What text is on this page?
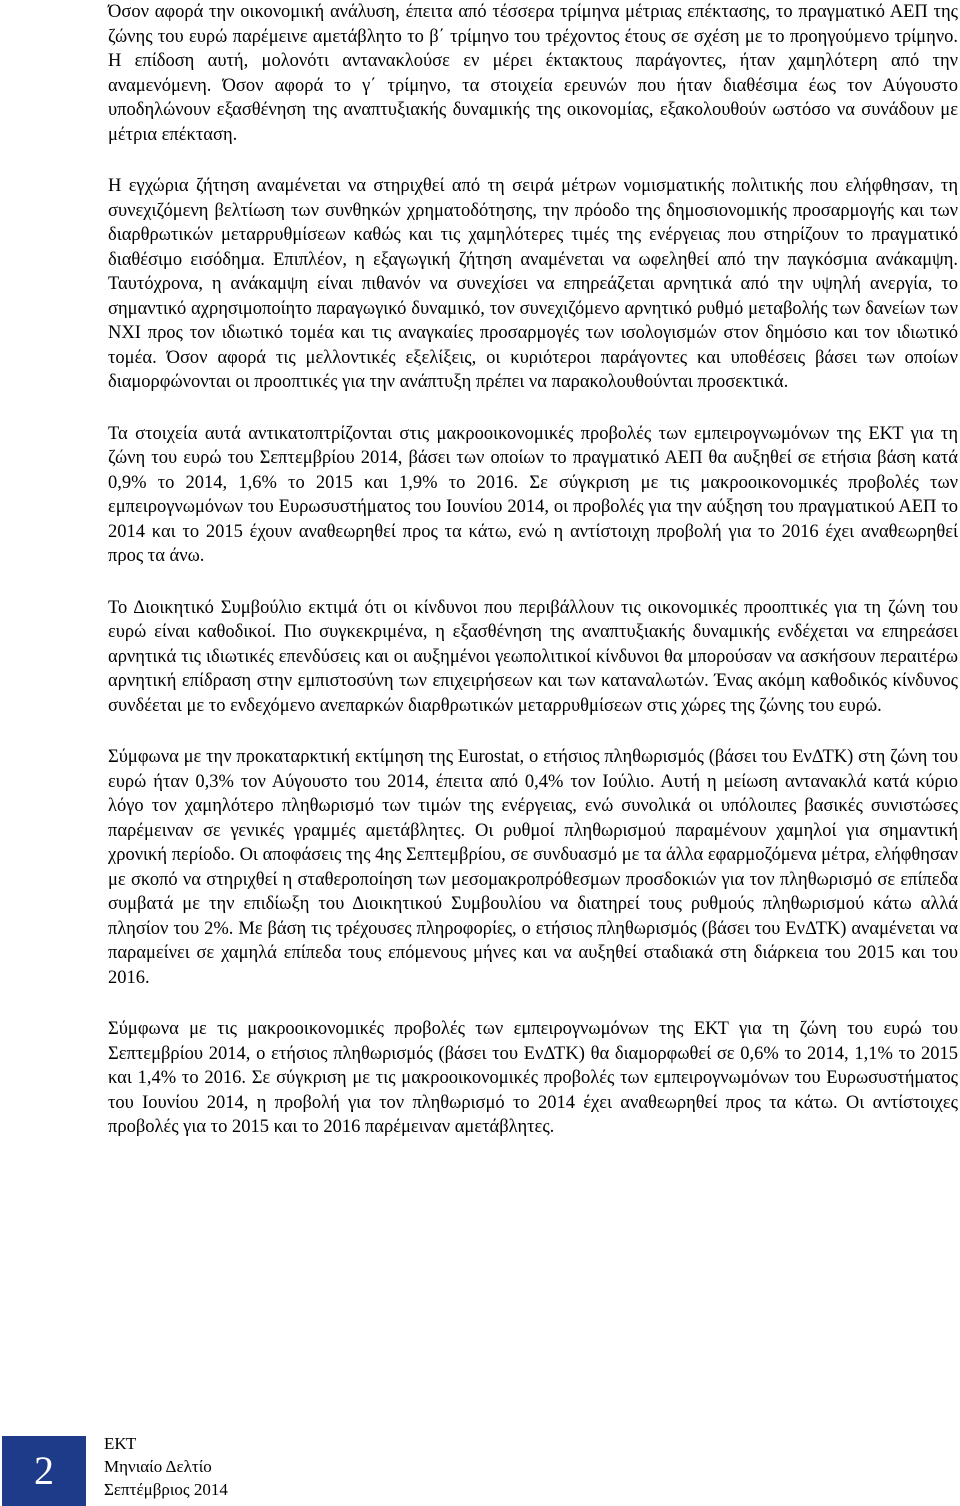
Όσον αφορά την οικονομική ανάλυση, έπειτα από τέσσερα τρίμηνα μέτριας επέκτασης, το πραγματικό ΑΕΠ της ζώνης του ευρώ παρέμεινε αμετάβλητο το β΄ τρίμηνο του τρέχοντος έτους σε σχέση με το προηγούμενο τρίμηνο. Η επίδοση αυτή, μολονότι αντανακλούσε εν μέρει έκτακτους παράγοντες, ήταν χαμηλότερη από την αναμενόμενη. Όσον αφορά το γ΄ τρίμηνο, τα στοιχεία ερευνών που ήταν διαθέσιμα έως τον Αύγουστο υποδηλώνουν εξασθένηση της αναπτυξιακής δυναμικής της οικονομίας, εξακολουθούν ωστόσο να συνάδουν με μέτρια επέκταση.

Η εγχώρια ζήτηση αναμένεται να στηριχθεί από τη σειρά μέτρων νομισματικής πολιτικής που ελήφθησαν, τη συνεχιζόμενη βελτίωση των συνθηκών χρηματοδότησης, την πρόοδο της δημοσιονομικής προσαρμογής και των διαρθρωτικών μεταρρυθμίσεων καθώς και τις χαμηλότερες τιμές της ενέργειας που στηρίζουν το πραγματικό διαθέσιμο εισόδημα. Επιπλέον, η εξαγωγική ζήτηση αναμένεται να ωφεληθεί από την παγκόσμια ανάκαμψη. Ταυτόχρονα, η ανάκαμψη είναι πιθανόν να συνεχίσει να επηρεάζεται αρνητικά από την υψηλή ανεργία, το σημαντικό αχρησιμοποίητο παραγωγικό δυναμικό, τον συνεχιζόμενο αρνητικό ρυθμό μεταβολής των δανείων των ΝΧΙ προς τον ιδιωτικό τομέα και τις αναγκαίες προσαρμογές των ισολογισμών στον δημόσιο και τον ιδιωτικό τομέα. Όσον αφορά τις μελλοντικές εξελίξεις, οι κυριότεροι παράγοντες και υποθέσεις βάσει των οποίων διαμορφώνονται οι προοπτικές για την ανάπτυξη πρέπει να παρακολουθούνται προσεκτικά.

Τα στοιχεία αυτά αντικατοπτρίζονται στις μακροοικονομικές προβολές των εμπειρογνωμόνων της ΕΚΤ για τη ζώνη του ευρώ του Σεπτεμβρίου 2014, βάσει των οποίων το πραγματικό ΑΕΠ θα αυξηθεί σε ετήσια βάση κατά 0,9% το 2014, 1,6% το 2015 και 1,9% το 2016. Σε σύγκριση με τις μακροοικονομικές προβολές των εμπειρογνωμόνων του Ευρωσυστήματος του Ιουνίου 2014, οι προβολές για την αύξηση του πραγματικού ΑΕΠ το 2014 και το 2015 έχουν αναθεωρηθεί προς τα κάτω, ενώ η αντίστοιχη προβολή για το 2016 έχει αναθεωρηθεί προς τα άνω.

Το Διοικητικό Συμβούλιο εκτιμά ότι οι κίνδυνοι που περιβάλλουν τις οικονομικές προοπτικές για τη ζώνη του ευρώ είναι καθοδικοί. Πιο συγκεκριμένα, η εξασθένηση της αναπτυξιακής δυναμικής ενδέχεται να επηρεάσει αρνητικά τις ιδιωτικές επενδύσεις και οι αυξημένοι γεωπολιτικοί κίνδυνοι θα μπορούσαν να ασκήσουν περαιτέρω αρνητική επίδραση στην εμπιστοσύνη των επιχειρήσεων και των καταναλωτών. Ένας ακόμη καθοδικός κίνδυνος συνδέεται με το ενδεχόμενο ανεπαρκών διαρθρωτικών μεταρρυθμίσεων στις χώρες της ζώνης του ευρώ.

Σύμφωνα με την προκαταρκτική εκτίμηση της Eurostat, ο ετήσιος πληθωρισμός (βάσει του ΕνΔΤΚ) στη ζώνη του ευρώ ήταν 0,3% τον Αύγουστο του 2014, έπειτα από 0,4% τον Ιούλιο. Αυτή η μείωση αντανακλά κατά κύριο λόγο τον χαμηλότερο πληθωρισμό των τιμών της ενέργειας, ενώ συνολικά οι υπόλοιπες βασικές συνιστώσες παρέμειναν σε γενικές γραμμές αμετάβλητες. Οι ρυθμοί πληθωρισμού παραμένουν χαμηλοί για σημαντική χρονική περίοδο. Οι αποφάσεις της 4ης Σεπτεμβρίου, σε συνδυασμό με τα άλλα εφαρμοζόμενα μέτρα, ελήφθησαν με σκοπό να στηριχθεί η σταθεροποίηση των μεσομακροπρόθεσμων προσδοκιών για τον πληθωρισμό σε επίπεδα συμβατά με την επιδίωξη του Διοικητικού Συμβουλίου να διατηρεί τους ρυθμούς πληθωρισμού κάτω αλλά πλησίον του 2%. Με βάση τις τρέχουσες πληροφορίες, ο ετήσιος πληθωρισμός (βάσει του ΕνΔΤΚ) αναμένεται να παραμείνει σε χαμηλά επίπεδα τους επόμενους μήνες και να αυξηθεί σταδιακά στη διάρκεια του 2015 και του 2016.

Σύμφωνα με τις μακροοικονομικές προβολές των εμπειρογνωμόνων της ΕΚΤ για τη ζώνη του ευρώ του Σεπτεμβρίου 2014, ο ετήσιος πληθωρισμός (βάσει του ΕνΔΤΚ) θα διαμορφωθεί σε 0,6% το 2014, 1,1% το 2015 και 1,4% το 2016. Σε σύγκριση με τις μακροοικονομικές προβολές των εμπειρογνωμόνων του Ευρωσυστήματος του Ιουνίου 2014, η προβολή για τον πληθωρισμό το 2014 έχει αναθεωρηθεί προς τα κάτω. Οι αντίστοιχες προβολές για το 2015 και το 2016 παρέμειναν αμετάβλητες.

2
ΕΚΤ
Μηνιαίο Δελτίο
Σεπτέμβριος 2014
